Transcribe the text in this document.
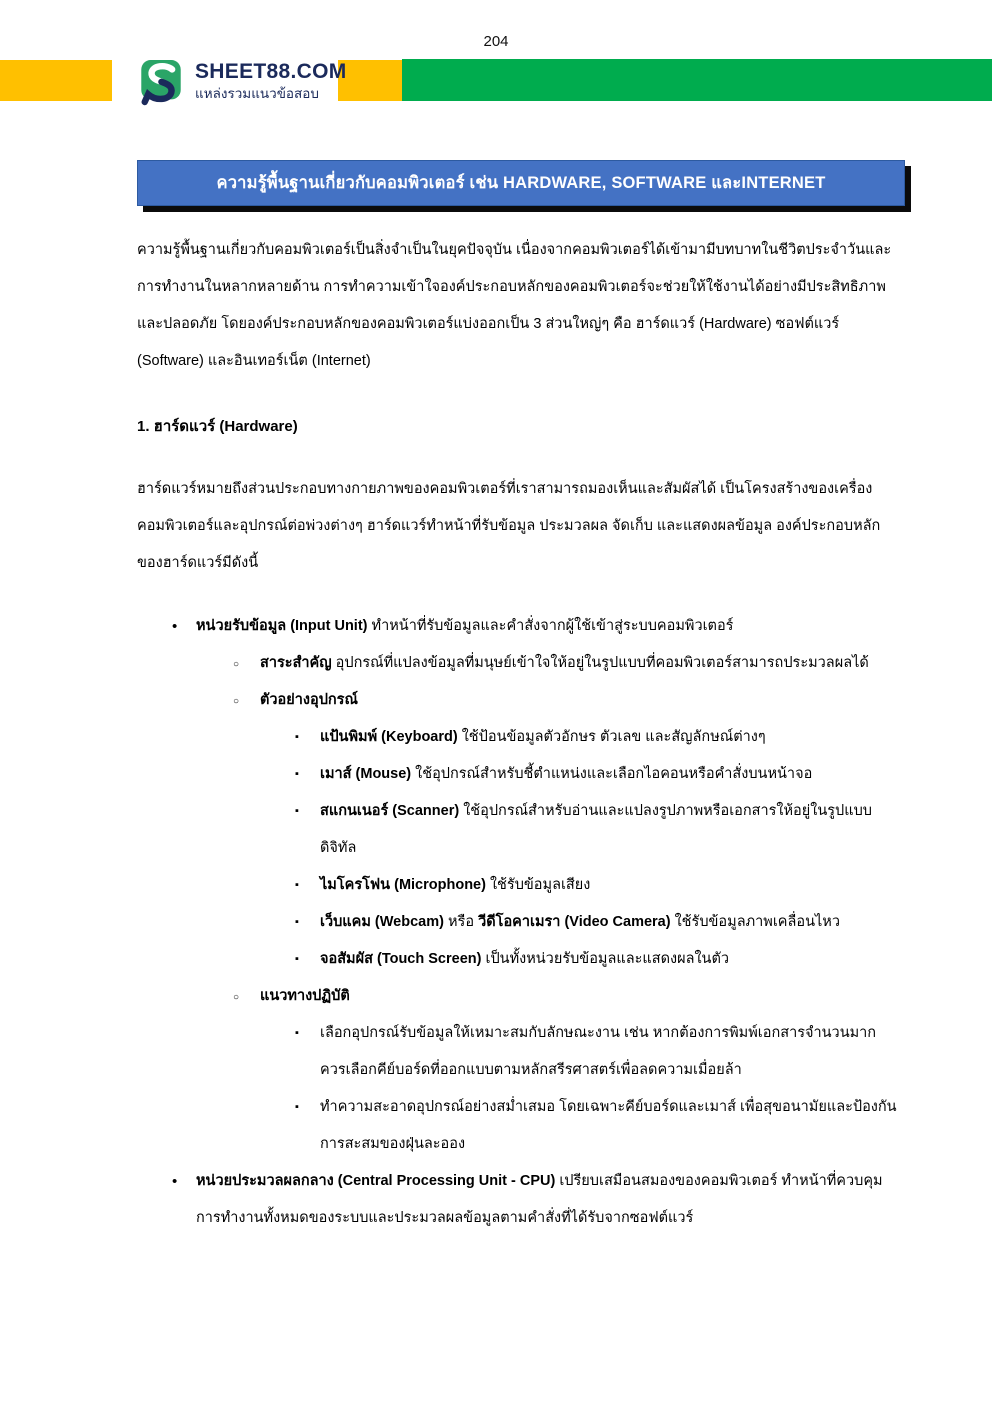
204
SHEET88.COM
แหล่งรวมแนวข้อสอบ
ความรู้พื้นฐานเกี่ยวกับคอมพิวเตอร์ เช่น HARDWARE, SOFTWARE และINTERNET

ความรู้พื้นฐานเกี่ยวกับคอมพิวเตอร์เป็นสิ่งจำเป็นในยุคปัจจุบัน เนื่องจากคอมพิวเตอร์ได้เข้ามามีบทบาทในชีวิตประจำวันและการทำงานในหลากหลายด้าน การทำความเข้าใจองค์ประกอบหลักของคอมพิวเตอร์จะช่วยให้ใช้งานได้อย่างมีประสิทธิภาพและปลอดภัย โดยองค์ประกอบหลักของคอมพิวเตอร์แบ่งออกเป็น 3 ส่วนใหญ่ๆ คือ ฮาร์ดแวร์ (Hardware) ซอฟต์แวร์ (Software) และอินเทอร์เน็ต (Internet)

1. ฮาร์ดแวร์ (Hardware)

ฮาร์ดแวร์หมายถึงส่วนประกอบทางกายภาพของคอมพิวเตอร์ที่เราสามารถมองเห็นและสัมผัสได้ เป็นโครงสร้างของเครื่องคอมพิวเตอร์และอุปกรณ์ต่อพ่วงต่างๆ ฮาร์ดแวร์ทำหน้าที่รับข้อมูล ประมวลผล จัดเก็บ และแสดงผลข้อมูล องค์ประกอบหลักของฮาร์ดแวร์มีดังนี้

• หน่วยรับข้อมูล (Input Unit) ทำหน้าที่รับข้อมูลและคำสั่งจากผู้ใช้เข้าสู่ระบบคอมพิวเตอร์
○ สาระสำคัญ อุปกรณ์ที่แปลงข้อมูลที่มนุษย์เข้าใจให้อยู่ในรูปแบบที่คอมพิวเตอร์สามารถประมวลผลได้
○ ตัวอย่างอุปกรณ์
▪ แป้นพิมพ์ (Keyboard) ใช้ป้อนข้อมูลตัวอักษร ตัวเลข และสัญลักษณ์ต่างๆ
▪ เมาส์ (Mouse) ใช้อุปกรณ์สำหรับชี้ตำแหน่งและเลือกไอคอนหรือคำสั่งบนหน้าจอ
▪ สแกนเนอร์ (Scanner) ใช้อุปกรณ์สำหรับอ่านและแปลงรูปภาพหรือเอกสารให้อยู่ในรูปแบบดิจิทัล
▪ ไมโครโฟน (Microphone) ใช้รับข้อมูลเสียง
▪ เว็บแคม (Webcam) หรือ วีดีโอคาเมรา (Video Camera) ใช้รับข้อมูลภาพเคลื่อนไหว
▪ จอสัมผัส (Touch Screen) เป็นทั้งหน่วยรับข้อมูลและแสดงผลในตัว
○ แนวทางปฏิบัติ
▪ เลือกอุปกรณ์รับข้อมูลให้เหมาะสมกับลักษณะงาน เช่น หากต้องการพิมพ์เอกสารจำนวนมาก ควรเลือกคีย์บอร์ดที่ออกแบบตามหลักสรีรศาสตร์เพื่อลดความเมื่อยล้า
▪ ทำความสะอาดอุปกรณ์อย่างสม่ำเสมอ โดยเฉพาะคีย์บอร์ดและเมาส์ เพื่อสุขอนามัยและป้องกันการสะสมของฝุ่นละออง
• หน่วยประมวลผลกลาง (Central Processing Unit - CPU) เปรียบเสมือนสมองของคอมพิวเตอร์ ทำหน้าที่ควบคุมการทำงานทั้งหมดของระบบและประมวลผลข้อมูลตามคำสั่งที่ได้รับจากซอฟต์แวร์
